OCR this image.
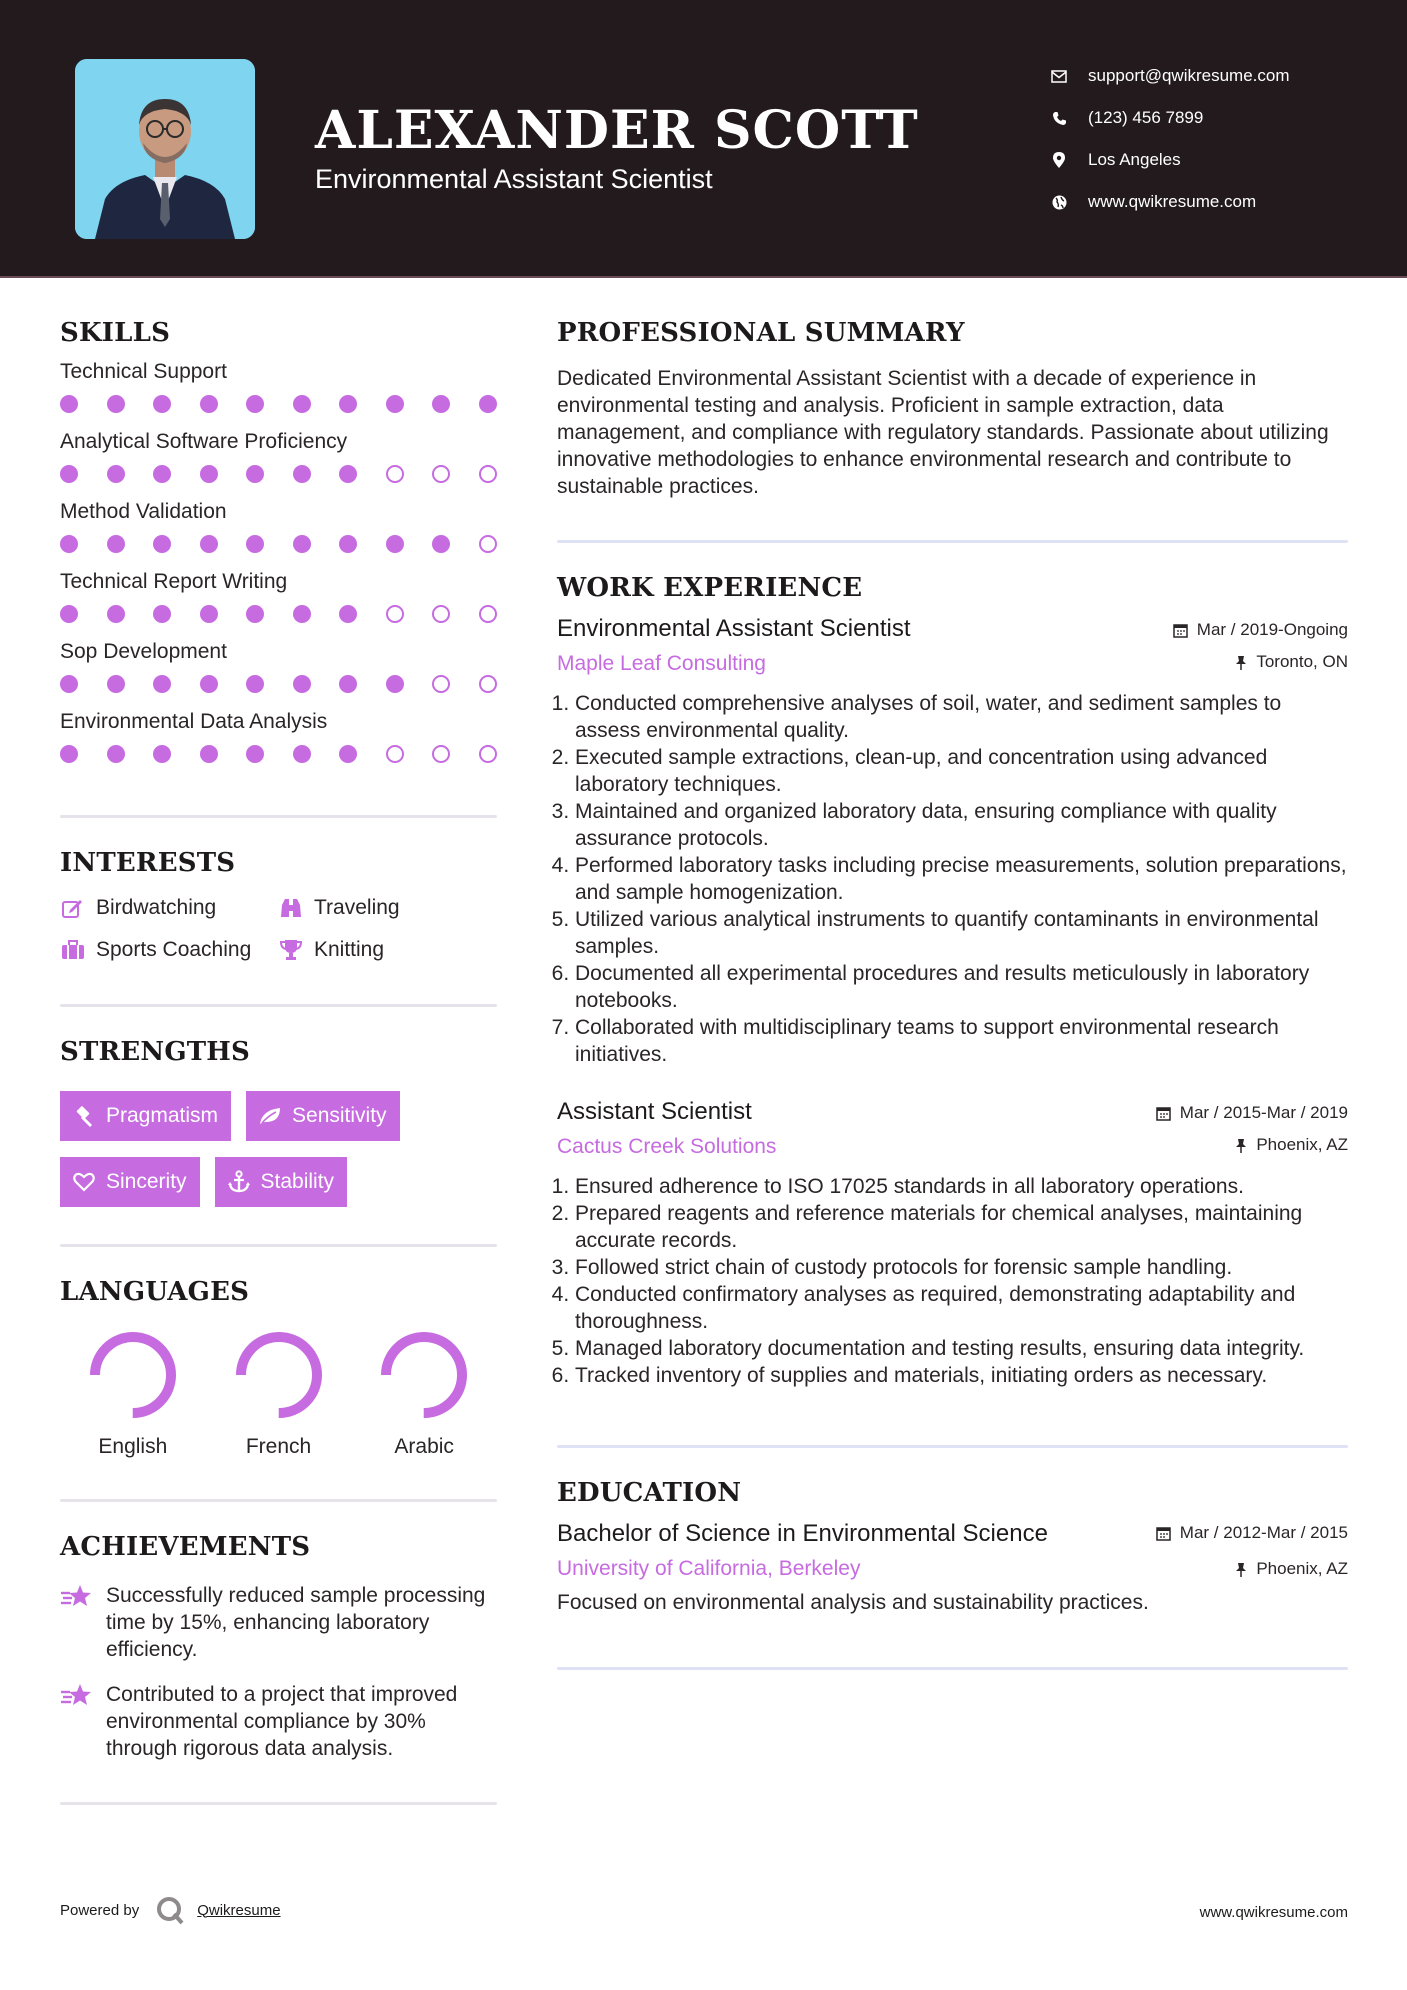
ALEXANDER SCOTT
Environmental Assistant Scientist
support@qwikresume.com
(123) 456 7899
Los Angeles
www.qwikresume.com
SKILLS
Technical Support
Analytical Software Proficiency
Method Validation
Technical Report Writing
Sop Development
Environmental Data Analysis
INTERESTS
Birdwatching	Traveling
Sports Coaching	Knitting
STRENGTHS
Pragmatism	Sensitivity
Sincerity	Stability
LANGUAGES
English	French	Arabic
ACHIEVEMENTS
Successfully reduced sample processing time by 15%, enhancing laboratory efficiency.
Contributed to a project that improved environmental compliance by 30% through rigorous data analysis.
PROFESSIONAL SUMMARY
Dedicated Environmental Assistant Scientist with a decade of experience in environmental testing and analysis. Proficient in sample extraction, data management, and compliance with regulatory standards. Passionate about utilizing innovative methodologies to enhance environmental research and contribute to sustainable practices.
WORK EXPERIENCE
Environmental Assistant Scientist
Maple Leaf Consulting
Mar / 2019-Ongoing
Toronto, ON
1. Conducted comprehensive analyses of soil, water, and sediment samples to assess environmental quality.
2. Executed sample extractions, clean-up, and concentration using advanced laboratory techniques.
3. Maintained and organized laboratory data, ensuring compliance with quality assurance protocols.
4. Performed laboratory tasks including precise measurements, solution preparations, and sample homogenization.
5. Utilized various analytical instruments to quantify contaminants in environmental samples.
6. Documented all experimental procedures and results meticulously in laboratory notebooks.
7. Collaborated with multidisciplinary teams to support environmental research initiatives.
Assistant Scientist
Cactus Creek Solutions
Mar / 2015-Mar / 2019
Phoenix, AZ
1. Ensured adherence to ISO 17025 standards in all laboratory operations.
2. Prepared reagents and reference materials for chemical analyses, maintaining accurate records.
3. Followed strict chain of custody protocols for forensic sample handling.
4. Conducted confirmatory analyses as required, demonstrating adaptability and thoroughness.
5. Managed laboratory documentation and testing results, ensuring data integrity.
6. Tracked inventory of supplies and materials, initiating orders as necessary.
EDUCATION
Bachelor of Science in Environmental Science
University of California, Berkeley
Mar / 2012-Mar / 2015
Phoenix, AZ
Focused on environmental analysis and sustainability practices.
Powered by	Qwikresume	www.qwikresume.com
